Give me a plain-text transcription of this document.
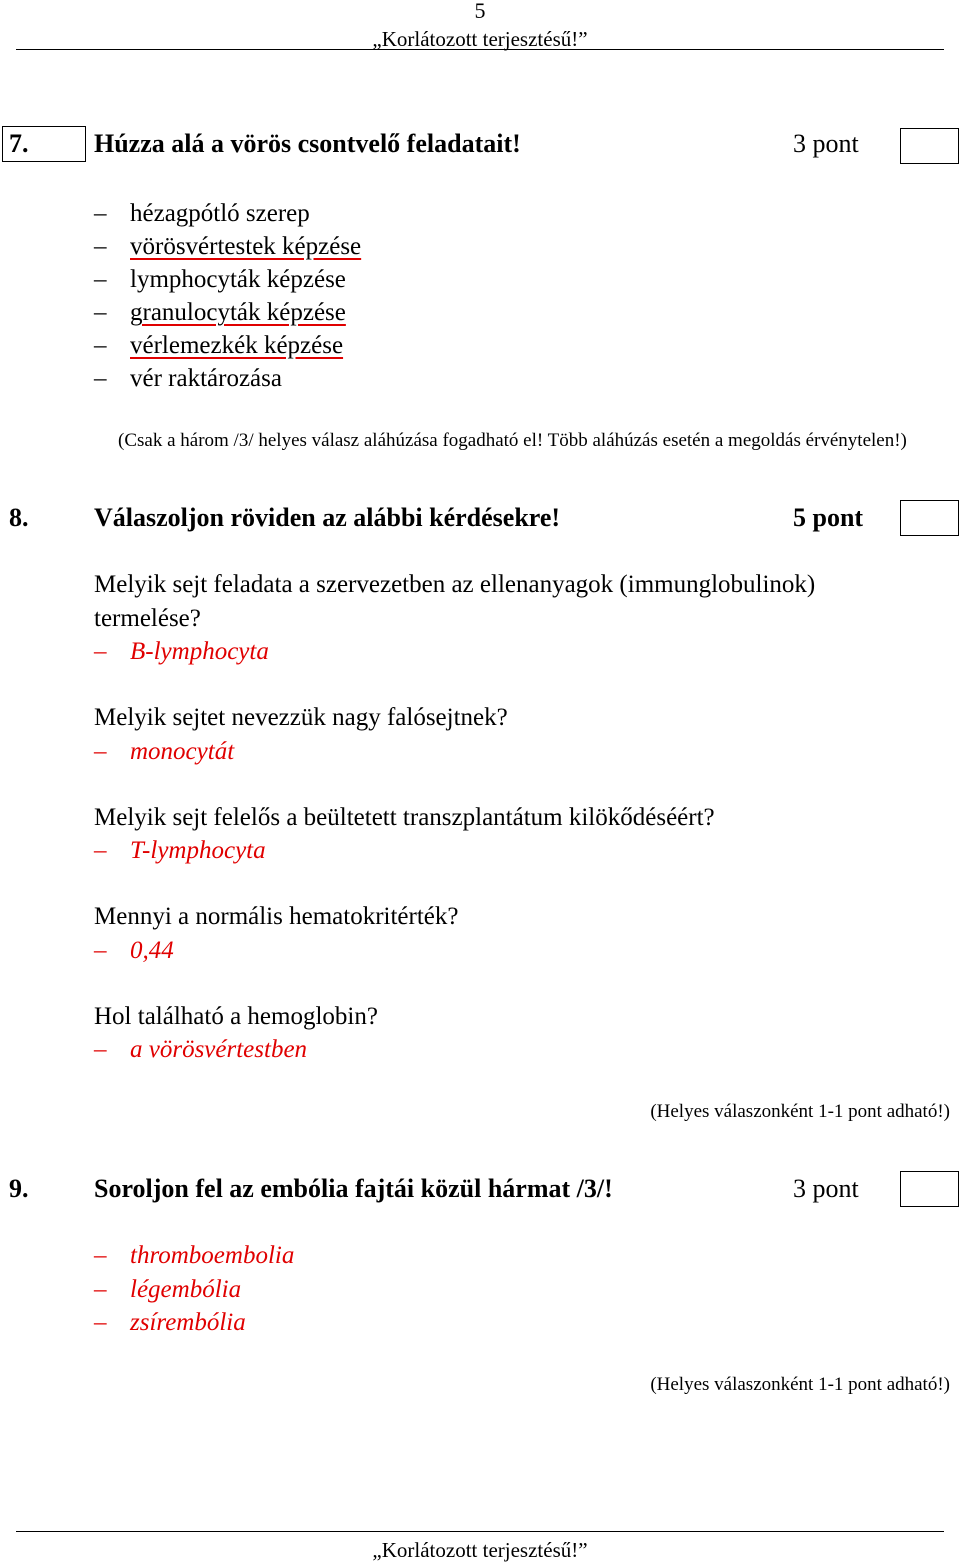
5
„Korlátozott terjesztésű!”
7.	Húzza alá a vörös csontvelő feladatait!	3 pont
– hézagpótló szerep
– vörösvértestek képzése
– lymphocyták képzése
– granulocyták képzése
– vérlemezkék képzése
– vér raktározása
(Csak a három /3/ helyes válasz aláhúzása fogadható el! Több aláhúzás esetén a megoldás érvénytelen!)
8.	Válaszoljon röviden az alábbi kérdésekre!	5 pont
Melyik sejt feladata a szervezetben az ellenanyagok (immunglobulinok)
termelése?
– B-lymphocyta
Melyik sejtet nevezzük nagy falósejtnek?
– monocytát
Melyik sejt felelős a beültetett transzplantátum kilökődéséért?
– T-lymphocyta
Mennyi a normális hematokritérték?
– 0,44
Hol található a hemoglobin?
– a vörösvértestben
(Helyes válaszonként 1-1 pont adható!)
9.	Soroljon fel az embólia fajtái közül hármat /3/!	3 pont
– thromboembolia
– légembólia
– zsírembólia
(Helyes válaszonként 1-1 pont adható!)
„Korlátozott terjesztésű!”
